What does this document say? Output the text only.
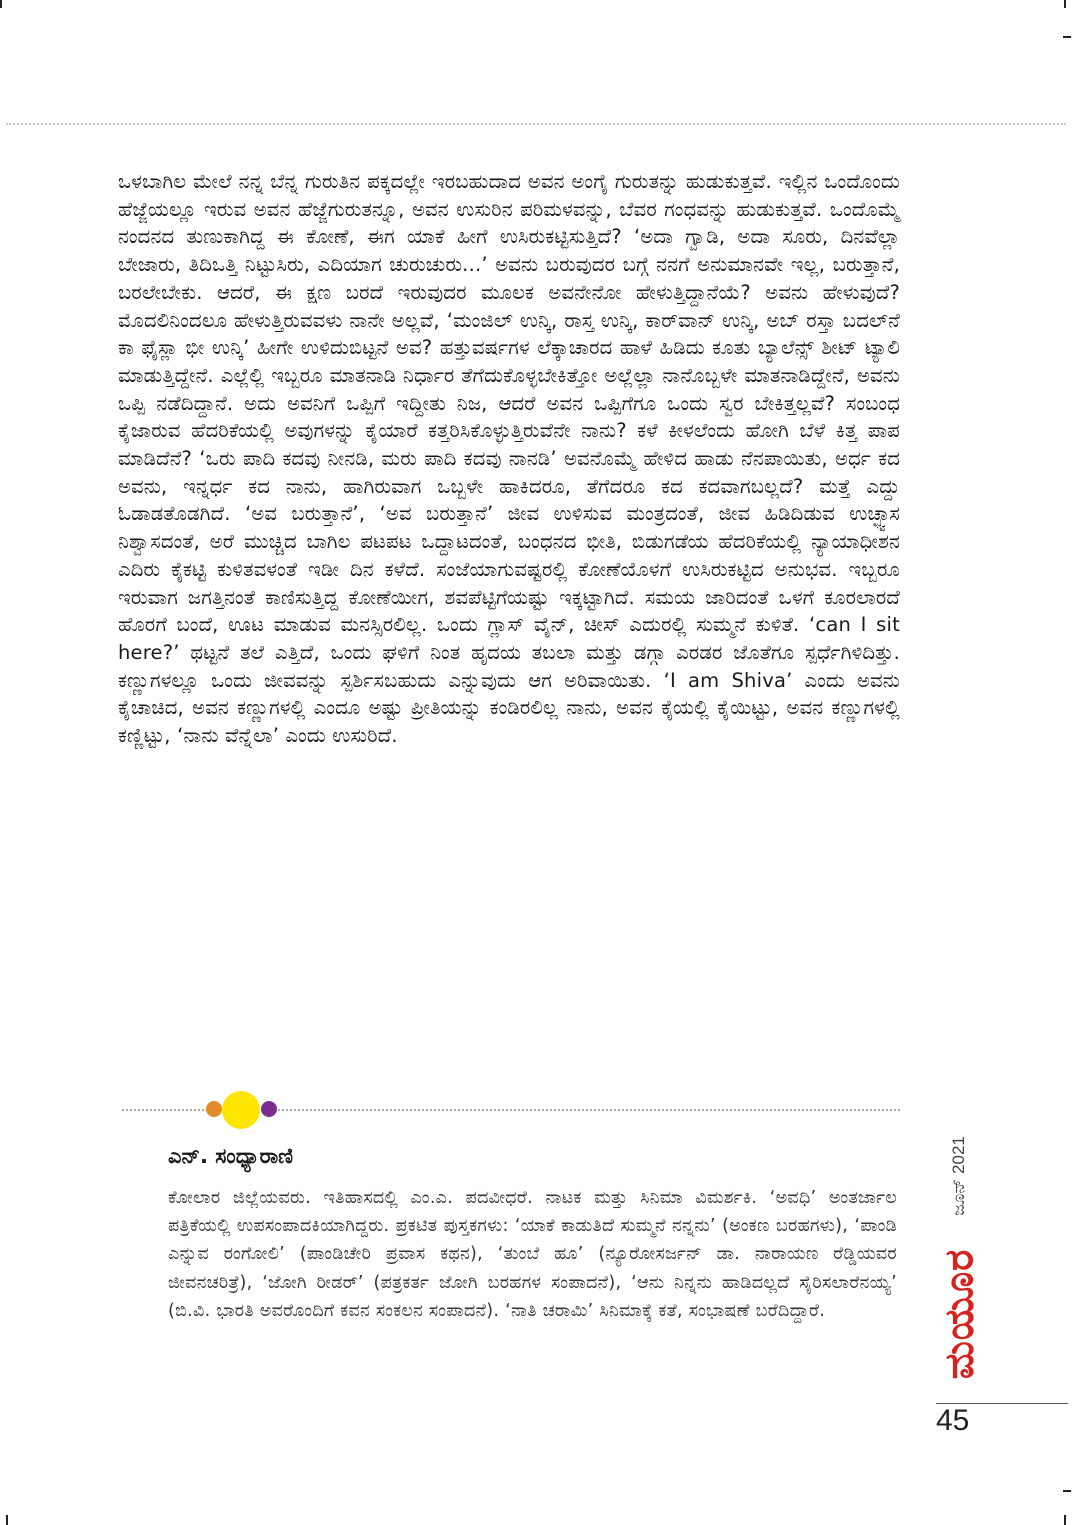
ಒಳಬಾಗಿಲ ಮೇಲೆ ನನ್ನ ಬೆನ್ನ ಗುರುತಿನ ಪಕ್ಕದಲ್ಲೇ ಇರಬಹುದಾದ ಅವನ ಅಂಗೈ ಗುರುತನ್ನು ಹುಡುಕುತ್ತವೆ. ಇಲ್ಲಿನ ಒಂದೊಂದು ಹೆಜ್ಜೆಯಲ್ಲೂ ಇರುವ ಅವನ ಹೆಜ್ಜೆಗುರುತನ್ನೂ, ಅವನ ಉಸುರಿನ ಪರಿಮಳವನ್ನು, ಬೆವರ ಗಂಧವನ್ನು ಹುಡುಕುತ್ತವೆ. ಒಂದೊಮ್ಮೆ ನಂದನದ ತುಣುಕಾಗಿದ್ದ ಈ ಕೋಣೆ, ಈಗ ಯಾಕೆ ಹೀಗೆ ಉಸಿರುಕಟ್ಟಿಸುತ್ತಿದೆ? ‘ಅದಾ ಗ್ವಾಡಿ, ಅದಾ ಸೂರು, ದಿನವೆಲ್ಲಾ ಬೇಜಾರು, ತಿದಿಒತ್ತಿ ನಿಟ್ಟುಸಿರು, ಎದಿಯಾಗ ಚುರುಚುರು...’ ಅವನು ಬರುವುದರ ಬಗ್ಗೆ ನನಗೆ ಅನುಮಾನವೇ ಇಲ್ಲ, ಬರುತ್ತಾನೆ, ಬರಲೇಬೇಕು. ಆದರೆ, ಈ ಕ್ಷಣ ಬರದೆ ಇರುವುದರ ಮೂಲಕ ಅವನೇನೋ ಹೇಳುತ್ತಿದ್ದಾನೆಯೆ? ಅವನು ಹೇಳುವುದೆ? ಮೊದಲಿನಿಂದಲೂ ಹೇಳುತ್ತಿರುವವಳು ನಾನೇ ಅಲ್ಲವೆ, ‘ಮಂಜಿಲ್ ಉನ್ಕಿ, ರಾಸ್ತ ಉನ್ಕಿ, ಕಾರ್‌ವಾನ್ ಉನ್ಕಿ, ಅಬ್ ರಸ್ತಾ ಬದಲ್‌ನೆ ಕಾ ಫೈಸ್ಲಾ ಭೀ ಉನ್ಕಿ’ ಹೀಗೇ ಉಳಿದುಬಿಟ್ಟನೆ ಅವ? ಹತ್ತುವರ್ಷಗಳ ಲೆಕ್ಕಾಚಾರದ ಹಾಳೆ ಹಿಡಿದು ಕೂತು ಬ್ಯಾಲೆನ್ಸ್ ಶೀಟ್ ಟ್ಯಾಲಿ ಮಾಡುತ್ತಿದ್ದೇನೆ. ಎಲ್ಲೆಲ್ಲಿ ಇಬ್ಬರೂ ಮಾತನಾಡಿ ನಿರ್ಧಾರ ತೆಗೆದುಕೊಳ್ಳಬೇಕಿತ್ತೋ ಅಲ್ಲೆಲ್ಲಾ ನಾನೊಬ್ಬಳೇ ಮಾತನಾಡಿದ್ದೇನೆ, ಅವನು ಒಪ್ಪಿ ನಡೆದಿದ್ದಾನೆ. ಅದು ಅವನಿಗೆ ಒಪ್ಪಿಗೆ ಇದ್ದೀತು ನಿಜ, ಆದರೆ ಅವನ ಒಪ್ಪಿಗೆಗೂ ಒಂದು ಸ್ವರ ಬೇಕಿತ್ತಲ್ಲವೆ? ಸಂಬಂಧ ಕೈಜಾರುವ ಹೆದರಿಕೆಯಲ್ಲಿ ಅವುಗಳನ್ನು ಕೈಯಾರೆ ಕತ್ತರಿಸಿಕೊಳ್ಳುತ್ತಿರುವೆನೇ ನಾನು? ಕಳೆ ಕೀಳಲೆಂದು ಹೋಗಿ ಬೆಳೆ ಕಿತ್ತ ಪಾಪ ಮಾಡಿದೆನೆ? ‘ಒರು ಪಾದಿ ಕದವು ನೀನಡಿ, ಮರು ಪಾದಿ ಕದವು ನಾನಡಿ’ ಅವನೊಮ್ಮೆ ಹೇಳಿದ ಹಾಡು ನೆನಪಾಯಿತು, ಅರ್ಧ ಕದ ಅವನು, ಇನ್ನರ್ಧ ಕದ ನಾನು, ಹಾಗಿರುವಾಗ ಒಬ್ಬಳೇ ಹಾಕಿದರೂ, ತೆಗೆದರೂ ಕದ ಕದವಾಗಬಲ್ಲದೆ? ಮತ್ತೆ ಎದ್ದು ಓಡಾಡತೊಡಗಿದೆ. ‘ಅವ ಬರುತ್ತಾನೆ’, ‘ಅವ ಬರುತ್ತಾನೆ’ ಜೀವ ಉಳಿಸುವ ಮಂತ್ರದಂತೆ, ಜೀವ ಹಿಡಿದಿಡುವ ಉಚ್ಛ್ವಾಸ ನಿಶ್ವಾಸದಂತೆ, ಅರೆ ಮುಚ್ಚಿದ ಬಾಗಿಲ ಪಟಪಟ ಒದ್ದಾಟದಂತೆ, ಬಂಧನದ ಭೀತಿ, ಬಿಡುಗಡೆಯ ಹೆದರಿಕೆಯಲ್ಲಿ ನ್ಯಾಯಾಧೀಶನ ಎದಿರು ಕೈಕಟ್ಟಿ ಕುಳಿತವಳಂತೆ ಇಡೀ ದಿನ ಕಳೆದೆ. ಸಂಜೆಯಾಗುವಷ್ಟರಲ್ಲಿ ಕೋಣೆಯೊಳಗೆ ಉಸಿರುಕಟ್ಟಿದ ಅನುಭವ. ಇಬ್ಬರೂ ಇರುವಾಗ ಜಗತ್ತಿನಂತೆ ಕಾಣಿಸುತ್ತಿದ್ದ ಕೋಣೆಯೀಗ, ಶವಪೆಟ್ಟಿಗೆಯಷ್ಟು ಇಕ್ಕಟ್ಟಾಗಿದೆ. ಸಮಯ ಜಾರಿದಂತೆ ಒಳಗೆ ಕೂರಲಾರದೆ ಹೊರಗೆ ಬಂದೆ, ಊಟ ಮಾಡುವ ಮನಸ್ಸಿರಲಿಲ್ಲ. ಒಂದು ಗ್ಲಾಸ್ ವೈನ್, ಚೀಸ್ ಎದುರಲ್ಲಿ ಸುಮ್ಮನೆ ಕುಳಿತೆ. ‘can I sit here?’ ಥಟ್ಟನೆ ತಲೆ ಎತ್ತಿದೆ, ಒಂದು ಘಳಿಗೆ ನಿಂತ ಹೃದಯ ತಬಲಾ ಮತ್ತು ಡಗ್ಗಾ ಎರಡರ ಜೊತೆಗೂ ಸ್ಪರ್ಧೆಗಿಳಿದಿತ್ತು. ಕಣ್ಣುಗಳಲ್ಲೂ ಒಂದು ಜೀವವನ್ನು ಸ್ಪರ್ಶಿಸಬಹುದು ಎನ್ನುವುದು ಆಗ ಅರಿವಾಯಿತು. ‘I am Shiva’ ಎಂದು ಅವನು ಕೈಚಾಚಿದ, ಅವನ ಕಣ್ಣುಗಳಲ್ಲಿ ಎಂದೂ ಅಷ್ಟು ಪ್ರೀತಿಯನ್ನು ಕಂಡಿರಲಿಲ್ಲ ನಾನು, ಅವನ ಕೈಯಲ್ಲಿ ಕೈಯಿಟ್ಟು, ಅವನ ಕಣ್ಣುಗಳಲ್ಲಿ ಕಣ್ಣಿಟ್ಟು, ‘ನಾನು ವೆನ್ನೆಲಾ’ ಎಂದು ಉಸುರಿದೆ.

ಎನ್‌. ಸಂಧ್ಯಾರಾಣಿ

ಕೋಲಾರ ಜಿಲ್ಲೆಯವರು. ಇತಿಹಾಸದಲ್ಲಿ ಎಂ.ಎ. ಪದವೀಧರೆ. ನಾಟಕ ಮತ್ತು ಸಿನಿಮಾ ವಿಮರ್ಶಕಿ. ‘ಅವಧಿ’ ಅಂತರ್ಜಾಲ ಪತ್ರಿಕೆಯಲ್ಲಿ ಉಪಸಂಪಾದಕಿಯಾಗಿದ್ದರು. ಪ್ರಕಟಿತ ಪುಸ್ತಕಗಳು: ‘ಯಾಕೆ ಕಾಡುತಿದೆ ಸುಮ್ಮನೆ ನನ್ನನು’ (ಅಂಕಣ ಬರಹಗಳು), ‘ಪಾಂಡಿ ಎನ್ನುವ ರಂಗೋಲಿ’ (ಪಾಂಡಿಚೇರಿ ಪ್ರವಾಸ ಕಥನ), ‘ತುಂಬೆ ಹೂ’ (ನ್ಯೂರೋಸರ್ಜನ್ ಡಾ. ನಾರಾಯಣ ರೆಡ್ಡಿಯವರ ಜೀವನಚರಿತ್ರೆ), ‘ಜೋಗಿ ರೀಡರ್’ (ಪತ್ರಕರ್ತ ಜೋಗಿ ಬರಹಗಳ ಸಂಪಾದನೆ), ‘ಆನು ನಿನ್ನನು ಹಾಡಿದಲ್ಲದೆ ಸೈರಿಸಲಾರೆನಯ್ಯ’ (ಬಿ.ವಿ. ಭಾರತಿ ಅವರೊಂದಿಗೆ ಕವನ ಸಂಕಲನ ಸಂಪಾದನೆ). ‘ನಾತಿ ಚರಾಮಿ’ ಸಿನಿಮಾಕ್ಕೆ ಕತೆ, ಸಂಭಾಷಣೆ ಬರೆದಿದ್ದಾರೆ.

ಜೂನ್ 2021
ಮಯೂರ
45
